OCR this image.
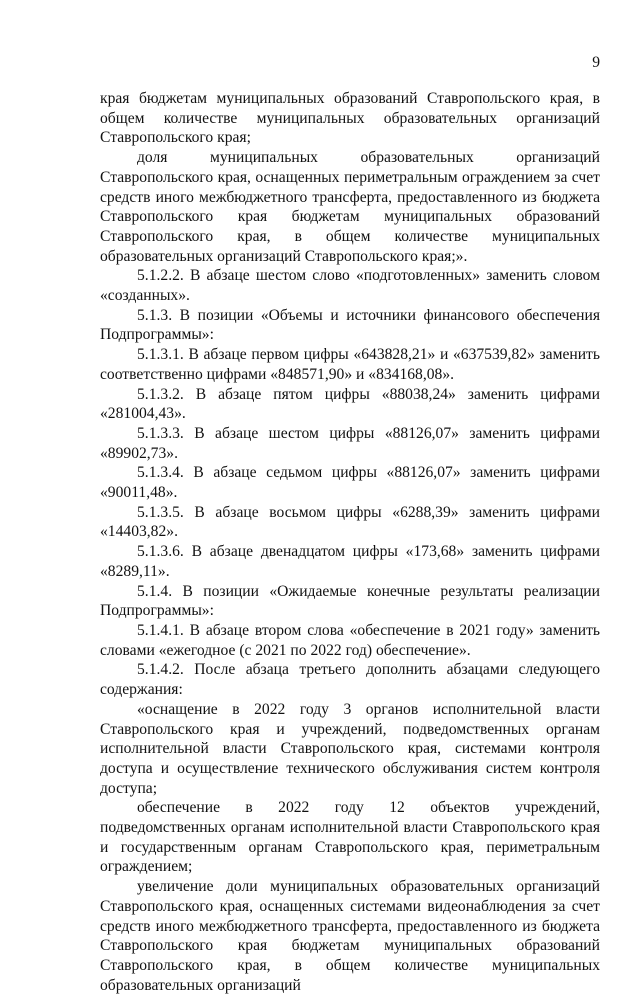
9

края бюджетам муниципальных образований Ставропольского края, в общем количестве муниципальных образовательных организаций Ставропольского края;

доля муниципальных образовательных организаций Ставропольского края, оснащенных периметральным ограждением за счет средств иного межбюджетного трансферта, предоставленного из бюджета Ставропольского края бюджетам муниципальных образований Ставропольского края, в общем количестве муниципальных образовательных организаций Ставропольского края;».

5.1.2.2. В абзаце шестом слово «подготовленных» заменить словом «созданных».

5.1.3. В позиции «Объемы и источники финансового обеспечения Подпрограммы»:

5.1.3.1. В абзаце первом цифры «643828,21» и «637539,82» заменить соответственно цифрами «848571,90» и «834168,08».

5.1.3.2. В абзаце пятом цифры «88038,24» заменить цифрами «281004,43».

5.1.3.3. В абзаце шестом цифры «88126,07» заменить цифрами «89902,73».

5.1.3.4. В абзаце седьмом цифры «88126,07» заменить цифрами «90011,48».

5.1.3.5. В абзаце восьмом цифры «6288,39» заменить цифрами «14403,82».

5.1.3.6. В абзаце двенадцатом цифры «173,68» заменить цифрами «8289,11».

5.1.4. В позиции «Ожидаемые конечные результаты реализации Подпрограммы»:

5.1.4.1. В абзаце втором слова «обеспечение в 2021 году» заменить словами «ежегодное (с 2021 по 2022 год) обеспечение».

5.1.4.2. После абзаца третьего дополнить абзацами следующего содержания:

«оснащение в 2022 году 3 органов исполнительной власти Ставропольского края и учреждений, подведомственных органам исполнительной власти Ставропольского края, системами контроля доступа и осуществление технического обслуживания систем контроля доступа;

обеспечение в 2022 году 12 объектов учреждений, подведомственных органам исполнительной власти Ставропольского края и государственным органам Ставропольского края, периметральным ограждением;

увеличение доли муниципальных образовательных организаций Ставропольского края, оснащенных системами видеонаблюдения за счет средств иного межбюджетного трансферта, предоставленного из бюджета Ставропольского края бюджетам муниципальных образований Ставропольского края, в общем количестве муниципальных образовательных организаций
